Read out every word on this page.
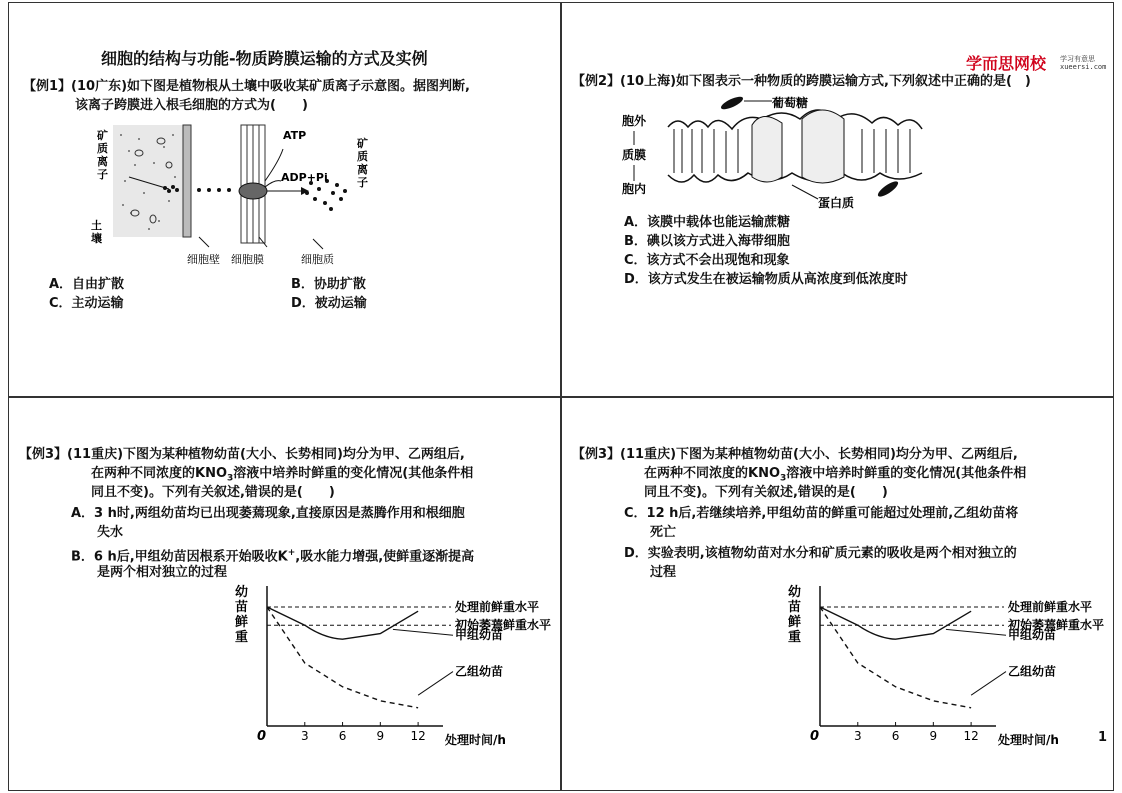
细胞的结构与功能-物质跨膜运输的方式及实例
【例1】(10广东)如下图是植物根从土壤中吸收某矿质离子示意图。据图判断,
该离子跨膜进入根毛细胞的方式为(　　)
ATP
ADP+Pi
矿
质
离
子
土
壤
矿
质
离
子
细胞壁 细胞膜	细胞质
A．自由扩散	B．协助扩散
C．主动运输	D．被动运输
学而思网校 学习有意思
xueersi.com
【例2】(10上海)如下图表示一种物质的跨膜运输方式,下列叙述中正确的是(　)
葡萄糖
胞外
质膜
胞内
蛋白质
A．该膜中载体也能运输蔗糖
B．碘以该方式进入海带细胞
C．该方式不会出现饱和现象
D．该方式发生在被运输物质从高浓度到低浓度时
【例3】(11重庆)下图为某种植物幼苗(大小、长势相同)均分为甲、乙两组后,
在两种不同浓度的$KNO_3$溶液中培养时鲜重的变化情况(其他条件相
同且不变)。下列有关叙述,错误的是(　　)
A．3 h时,两组幼苗均已出现萎蔫现象,直接原因是蒸腾作用和根细胞
失水
B．6 h后,甲组幼苗因根系开始吸收K+,吸水能力增强,使鲜重逐渐提高
是两个相对独立的过程
幼
苗
鲜
重
0	3	6	9 12 处理时间/h
处理前鲜重水平
初始萎蔫鲜重水平
甲组幼苗
乙组幼苗
【例3】(11重庆)下图为某种植物幼苗(大小、长势相同)均分为甲、乙两组后,
在两种不同浓度的$KNO_3$溶液中培养时鲜重的变化情况(其他条件相
同且不变)。下列有关叙述,错误的是(　　)
C．12 h后,若继续培养,甲组幼苗的鲜重可能超过处理前,乙组幼苗将
死亡
D．实验表明,该植物幼苗对水分和矿质元素的吸收是两个相对独立的
过程
幼
苗
鲜
重
0	3	6	9 12 处理时间/h
处理前鲜重水平
初始萎蔫鲜重水平
甲组幼苗
乙组幼苗
1
